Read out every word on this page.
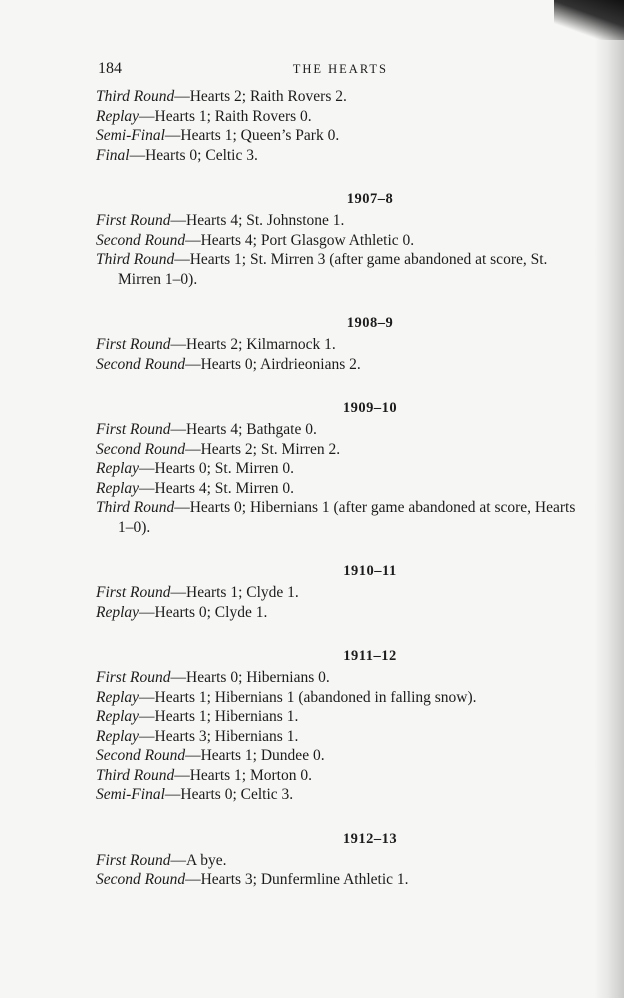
184	THE HEARTS
Third Round—Hearts 2; Raith Rovers 2.
Replay—Hearts 1; Raith Rovers 0.
Semi-Final—Hearts 1; Queen’s Park 0.
Final—Hearts 0; Celtic 3.
1907–8
First Round—Hearts 4; St. Johnstone 1.
Second Round—Hearts 4; Port Glasgow Athletic 0.
Third Round—Hearts 1; St. Mirren 3 (after game abandoned at score, St. Mirren 1–0).
1908–9
First Round—Hearts 2; Kilmarnock 1.
Second Round—Hearts 0; Airdrieonians 2.
1909–10
First Round—Hearts 4; Bathgate 0.
Second Round—Hearts 2; St. Mirren 2.
Replay—Hearts 0; St. Mirren 0.
Replay—Hearts 4; St. Mirren 0.
Third Round—Hearts 0; Hibernians 1 (after game abandoned at score, Hearts 1–0).
1910–11
First Round—Hearts 1; Clyde 1.
Replay—Hearts 0; Clyde 1.
1911–12
First Round—Hearts 0; Hibernians 0.
Replay—Hearts 1; Hibernians 1 (abandoned in falling snow).
Replay—Hearts 1; Hibernians 1.
Replay—Hearts 3; Hibernians 1.
Second Round—Hearts 1; Dundee 0.
Third Round—Hearts 1; Morton 0.
Semi-Final—Hearts 0; Celtic 3.
1912–13
First Round—A bye.
Second Round—Hearts 3; Dunfermline Athletic 1.
